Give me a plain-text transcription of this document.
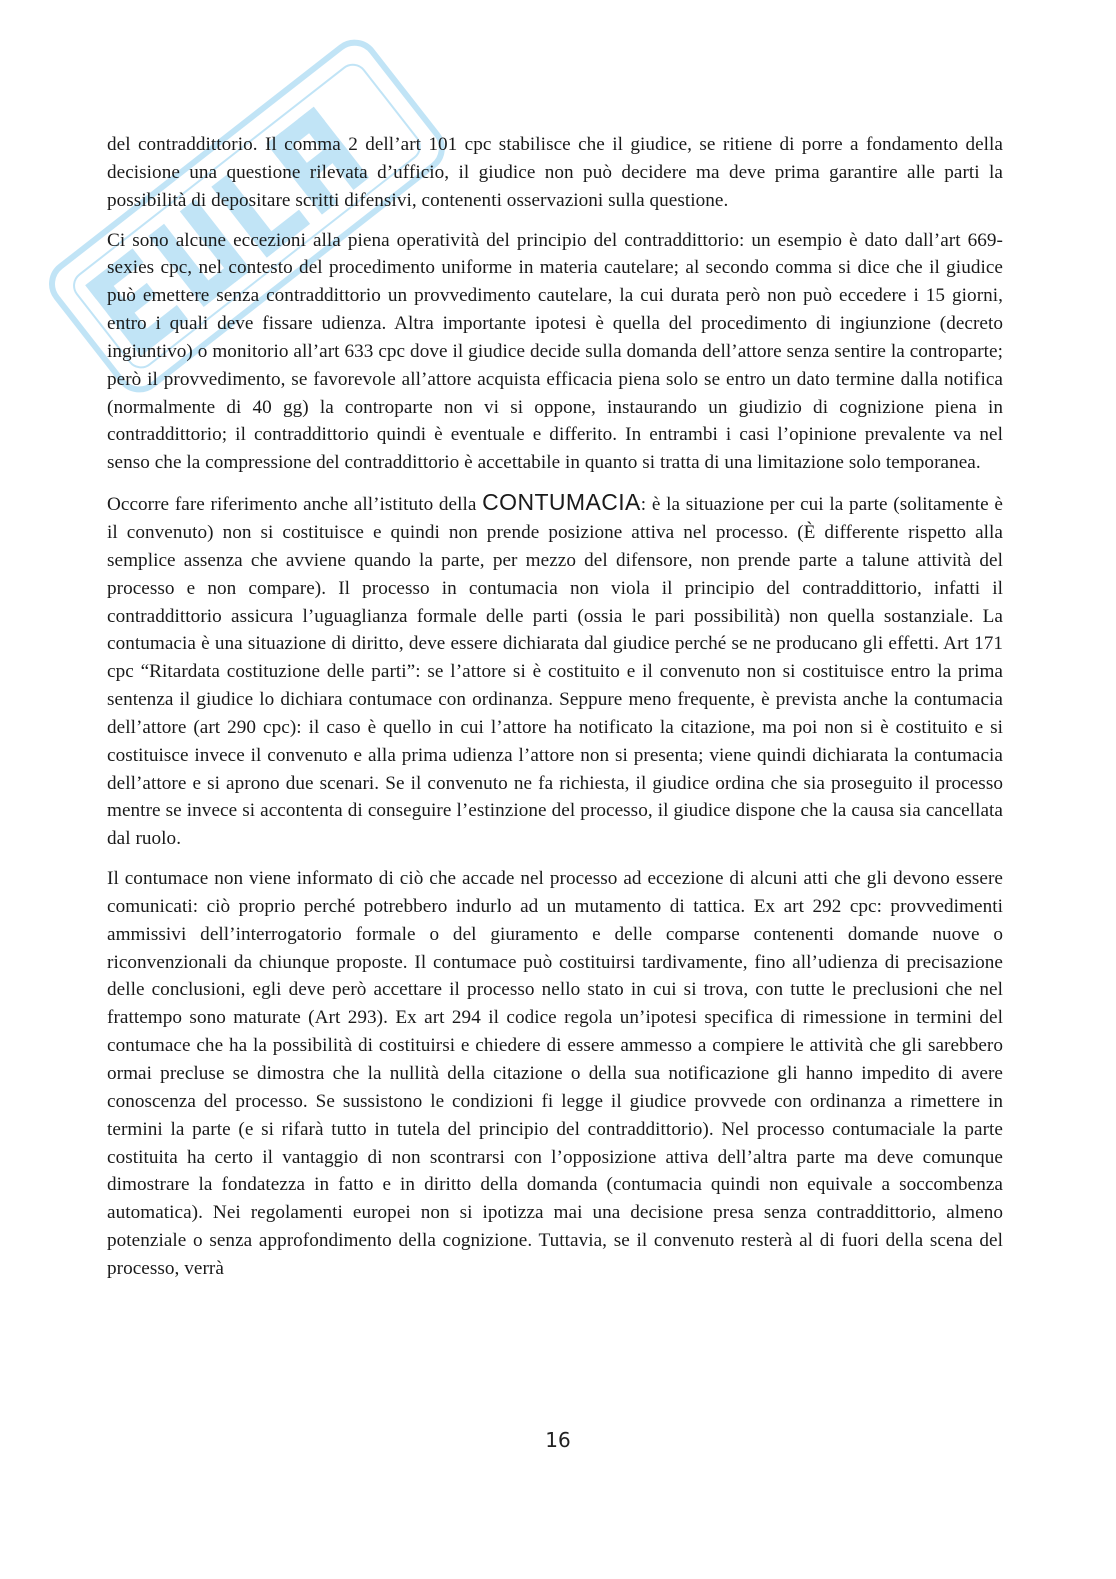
del contraddittorio. Il comma 2 dell’art 101 cpc stabilisce che il giudice, se ritiene di porre a fondamento della decisione una questione rilevata d’ufficio, il giudice non può decidere ma deve prima garantire alle parti la possibilità di depositare scritti difensivi, contenenti osservazioni sulla questione.

Ci sono alcune eccezioni alla piena operatività del principio del contraddittorio: un esempio è dato dall’art 669-sexies cpc, nel contesto del procedimento uniforme in materia cautelare; al secondo comma si dice che il giudice può emettere senza contraddittorio un provvedimento cautelare, la cui durata però non può eccedere i 15 giorni, entro i quali deve fissare udienza. Altra importante ipotesi è quella del procedimento di ingiunzione (decreto ingiuntivo) o monitorio all’art 633 cpc dove il giudice decide sulla domanda dell’attore senza sentire la controparte; però il provvedimento, se favorevole all’attore acquista efficacia piena solo se entro un dato termine dalla notifica (normalmente di 40 gg) la controparte non vi si oppone, instaurando un giudizio di cognizione piena in contraddittorio; il contraddittorio quindi è eventuale e differito. In entrambi i casi l’opinione prevalente va nel senso che la compressione del contraddittorio è accettabile in quanto si tratta di una limitazione solo temporanea.

Occorre fare riferimento anche all’istituto della CONTUMACIA: è la situazione per cui la parte (solitamente è il convenuto) non si costituisce e quindi non prende posizione attiva nel processo. (È differente rispetto alla semplice assenza che avviene quando la parte, per mezzo del difensore, non prende parte a talune attività del processo e non compare). Il processo in contumacia non viola il principio del contraddittorio, infatti il contraddittorio assicura l’uguaglianza formale delle parti (ossia le pari possibilità) non quella sostanziale. La contumacia è una situazione di diritto, deve essere dichiarata dal giudice perché se ne producano gli effetti. Art 171 cpc “Ritardata costituzione delle parti”: se l’attore si è costituito e il convenuto non si costituisce entro la prima sentenza il giudice lo dichiara contumace con ordinanza. Seppure meno frequente, è prevista anche la contumacia dell’attore (art 290 cpc): il caso è quello in cui l’attore ha notificato la citazione, ma poi non si è costituito e si costituisce invece il convenuto e alla prima udienza l’attore non si presenta; viene quindi dichiarata la contumacia dell’attore e si aprono due scenari. Se il convenuto ne fa richiesta, il giudice ordina che sia proseguito il processo mentre se invece si accontenta di conseguire l’estinzione del processo, il giudice dispone che la causa sia cancellata dal ruolo.

Il contumace non viene informato di ciò che accade nel processo ad eccezione di alcuni atti che gli devono essere comunicati: ciò proprio perché potrebbero indurlo ad un mutamento di tattica. Ex art 292 cpc: provvedimenti ammissivi dell’interrogatorio formale o del giuramento e delle comparse contenenti domande nuove o riconvenzionali da chiunque proposte. Il contumace può costituirsi tardivamente, fino all’udienza di precisazione delle conclusioni, egli deve però accettare il processo nello stato in cui si trova, con tutte le preclusioni che nel frattempo sono maturate (Art 293). Ex art 294 il codice regola un’ipotesi specifica di rimessione in termini del contumace che ha la possibilità di costituirsi e chiedere di essere ammesso a compiere le attività che gli sarebbero ormai precluse se dimostra che la nullità della citazione o della sua notificazione gli hanno impedito di avere conoscenza del processo. Se sussistono le condizioni fi legge il giudice provvede con ordinanza a rimettere in termini la parte (e si rifarà tutto in tutela del principio del contraddittorio). Nel processo contumaciale la parte costituita ha certo il vantaggio di non scontrarsi con l’opposizione attiva dell’altra parte ma deve comunque dimostrare la fondatezza in fatto e in diritto della domanda (contumacia quindi non equivale a soccombenza automatica). Nei regolamenti europei non si ipotizza mai una decisione presa senza contraddittorio, almeno potenziale o senza approfondimento della cognizione. Tuttavia, se il convenuto resterà al di fuori della scena del processo, verrà

16
